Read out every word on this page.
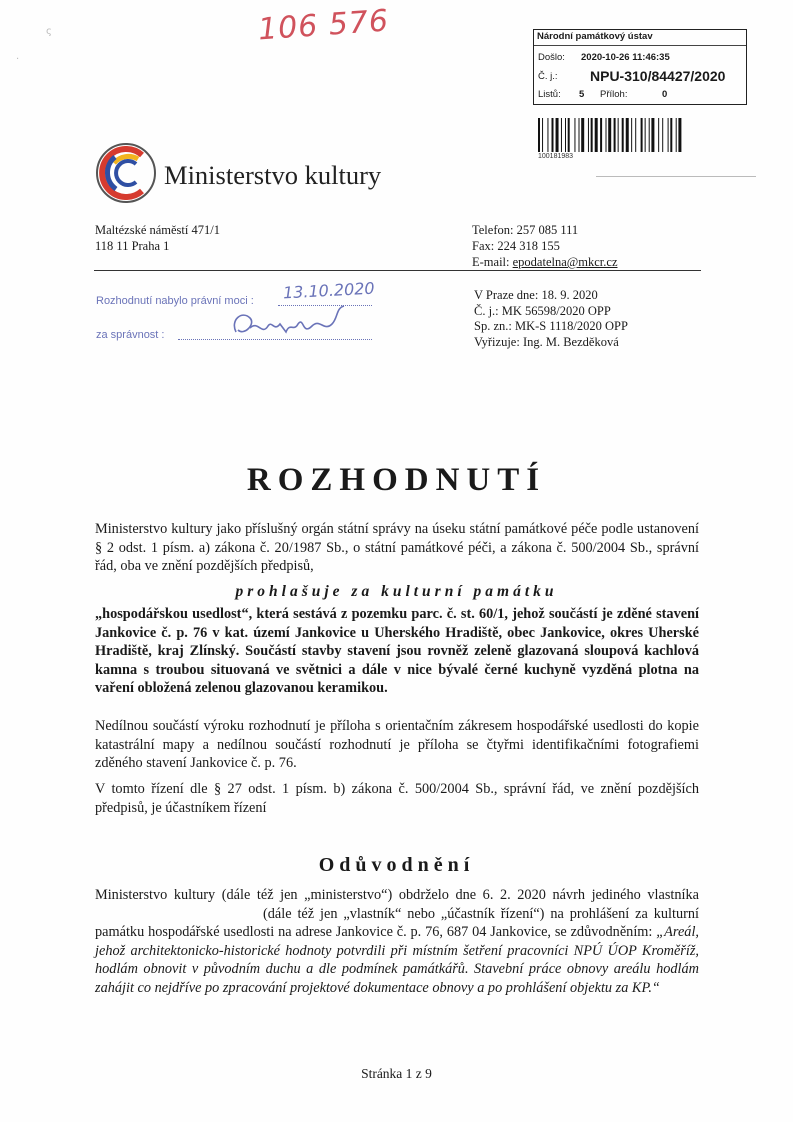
ς
·
106 576	Národní památkový ústav
Došlo: 2020-10-26 11:46:35
Č. j.: NPU-310/84427/2020
Listů: 5 Příloh:	0
100181983
Ministerstvo kultury
Maltézské náměstí 471/1
118 11 Praha 1
Telefon: 257 085 111
Fax: 224 318 155
E-mail: epodatelna@mkcr.cz
Rozhodnutí nabylo právní moci : 13.10.2020
za správnost :
V Praze dne: 18. 9. 2020
Č. j.: MK 56598/2020 OPP
Sp. zn.: MK-S 1118/2020 OPP
Vyřizuje: Ing. M. Bezděková
ROZHODNUTÍ

Ministerstvo kultury jako příslušný orgán státní správy na úseku státní památkové péče podle ustanovení § 2 odst. 1 písm. a) zákona č. 20/1987 Sb., o státní památkové péči, a zákona č. 500/2004 Sb., správní řád, oba ve znění pozdějších předpisů,

prohlašuje za kulturní památku

„hospodářskou usedlost“, která sestává z pozemku parc. č. st. 60/1, jehož součástí je zděné stavení Jankovice č. p. 76 v kat. území Jankovice u Uherského Hradiště, obec Jankovice, okres Uherské Hradiště, kraj Zlínský. Součástí stavby stavení jsou rovněž zeleně glazovaná sloupová kachlová kamna s troubou situovaná ve světnici a dále v nice bývalé černé kuchyně vyzděná plotna na vaření obložená zelenou glazovanou keramikou.

Nedílnou součástí výroku rozhodnutí je příloha s orientačním zákresem hospodářské usedlosti do kopie katastrální mapy a nedílnou součástí rozhodnutí je příloha se čtyřmi identifikačními fotografiemi zděného stavení Jankovice č. p. 76.

V tomto řízení dle § 27 odst. 1 písm. b) zákona č. 500/2004 Sb., správní řád, ve znění pozdějších předpisů, je účastníkem řízení

Odůvodnění

Ministerstvo kultury (dále též jen „ministerstvo“) obdrželo dne 6. 2. 2020 návrh jediného vlastníka(dále též jen „vlastník“ nebo „účastník řízení“) na prohlášení za kulturní památku hospodářské usedlosti na adrese Jankovice č. p. 76, 687 04 Jankovice, se zdůvodněním: „Areál, jehož architektonicko-historické hodnoty potvrdili při místním šetření pracovníci NPÚ ÚOP Kroměříž, hodlám obnovit v původním duchu a dle podmínek památkářů. Stavební práce obnovy areálu hodlám zahájit co nejdříve po zpracování projektové dokumentace obnovy a po prohlášení objektu za KP.“

Stránka 1 z 9
